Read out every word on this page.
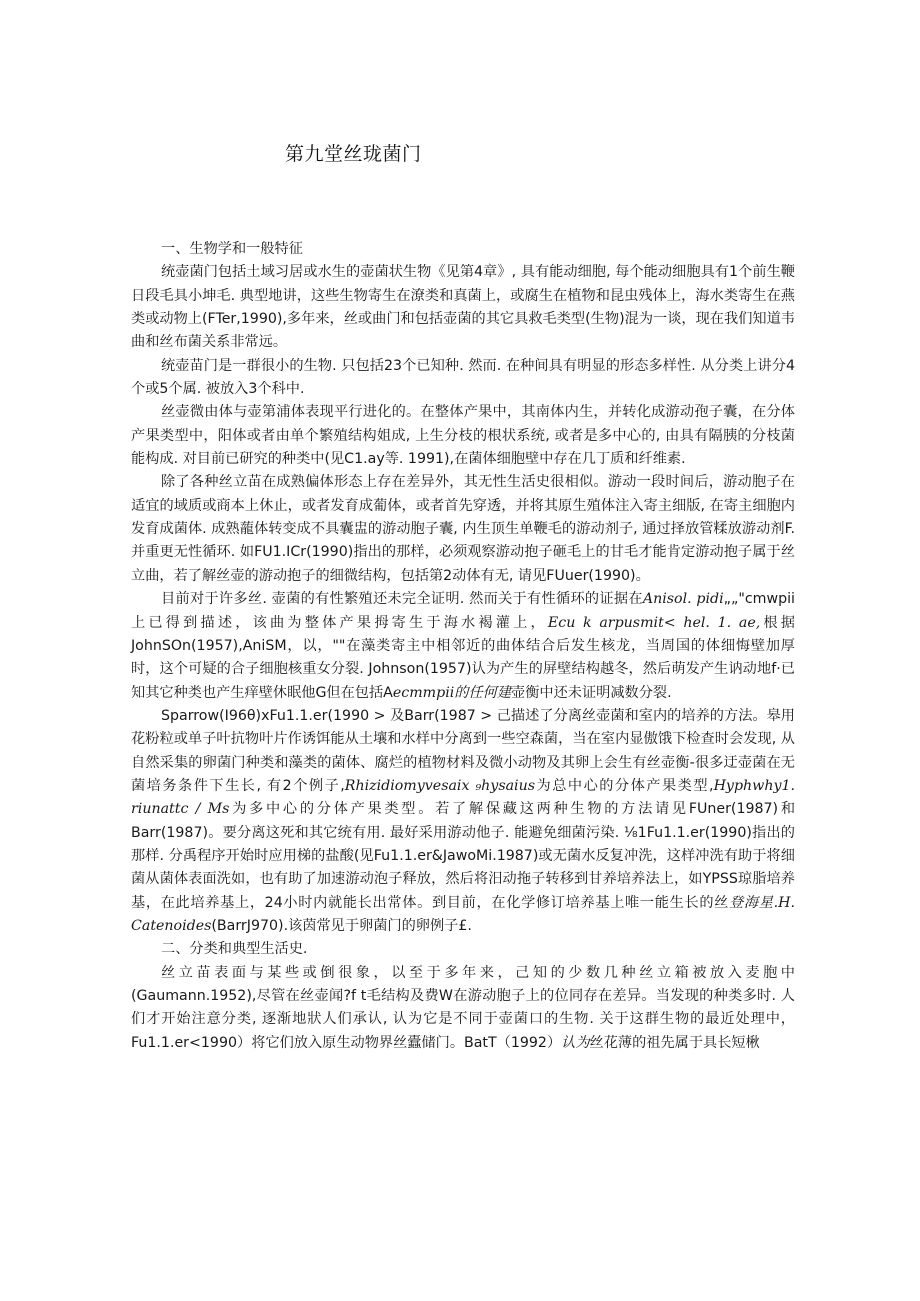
第九堂丝珑菌门

一、生物学和一般特征

统壶菌门包括土域习居或水生的壶菌状生物《见第4章》, 具有能动细胞, 每个能动细胞具有1个前生鞭日段毛具小坤毛. 典型地讲，这些生物寄生在潦类和真菌上，或腐生在植物和昆虫残体上，海水类寄生在燕类或动物上(FTer,1990),多年来，丝或曲门和包括壶菌的其它具救毛类型(生物)混为一谈，现在我们知道韦曲和丝布菌关系非常远。

统壶苗门是一群很小的生物. 只包括23个已知种. 然而. 在种间具有明显的形态多样性. 从分类上讲分4个或5个属. 被放入3个科中.

丝壶微由体与壶第浦体表现平行进化的。在整体产果中，其南体内生，并转化成游动孢子囊，在分体产果类型中，阳体或者由单个繁殖结构姐成, 上生分枝的根状系统, 或者是多中心的, 由具有隔胰的分枝菌能构成. 对目前已研究的种类中(见C1.ay等. 1991),在菌体细胞壁中存在几丁质和纤维素.

除了各种丝立苗在成熟偏体形态上存在差异外，其无性生活史很相似。游动一段时间后，游动胞子在适宜的域质或商本上休止，或者发育成葡体，或者首先穿透，并将其原生殖体注入寄主细版, 在寄主细胞内发育成菌体. 成熟蘢体转变成不具囊盅的游动胞子囊, 内生顶生单鞭毛的游动剂子, 通过择放管糅放游动剂F.并重更无性循环. 如FU1.ICr(1990)指出的那样，必须观察游动抱子砸毛上的甘毛才能肯定游动抱子属于丝立曲，若了解丝壶的游动抱子的细微结构，包括第2动体有无, 请见FUuer(1990)。

目前对于许多丝. 壶菌的有性繁殖还未完全证明. 然而关于有性循环的证据在Anisol. pidi„„"cmwpii上已得到描述，该曲为整体产果拇寄生于海水褐灌上，Ecu k arpusmit< hel. 1. ae,根据JohnSOn(1957),AniSM，以，""在藻类寄主中相邻近的曲体结合后发生核龙，当周国的体细悔壁加厚时，这个可疑的合子细胞核重女分裂. Johnson(1957)认为产生的屏壁结构越冬，然后萌发产生讷动地f·已知其它种类也产生痒壁休眠他G但在包括Aecmmpii的任何建壶衡中还未证明减数分裂.

Sparrow(I96θ)xFu1.1.er(1990 > 及Barr(1987 > 己描述了分离丝壶菌和室内的培养的方法。皋用花粉粒或单子叶抗物叶片作诱饵能从土壤和水样中分离到一些空森菌，当在室内显傲饿下检查时会发现, 从自然采集的卵菌门种类和藻类的菌体、腐烂的植物材料及微小动物及其卵上会生有丝壶衡-很多迂壶菌在无菌培务条件下生长, 有2个例子,Rhizidiomyvesaix ₉hysaius为总中心的分体产果类型,Hyphwhy1. riunattc / Ms为多中心的分体产果类型。若了解保藏这两种生物的方法请见FUner(1987)和Barr(1987)。要分离这死和其它统有用. 最好采用游动他子. 能避免细菌污染. ⅛1Fu1.1.er(1990)指出的那样. 分禹程序开始时应用梯的盐酸(见Fu1.1.er&JawoMi.1987)或无菌水反复冲洗，这样冲洗有助于将细菌从菌体表面洗如，也有助了加速游动泡子释放，然后将汨动拖子转移到甘养培养法上，如YPSS琼脂培养基，在此培养基上，24小时内就能长出常体。到目前，在化学修订培养基上唯一能生长的丝登海星.H. Catenoides(BarrJ970).该茵常见于卵菌门的卵例子£.

二、分类和典型生活史.

丝立苗表面与某些或倒很象，以至于多年来，己知的少数几种丝立箱被放入麦胞中(Gaumann.1952),尽管在丝壶闻?f t毛结构及费W在游动胞子上的位同存在差异。当发现的种类多时. 人们才开始注意分类, 逐渐地狀人们承认, 认为它是不同于壶菌口的生物. 关于这群生物的最近处理中，Fu1.1.er<1990）将它们放入原生动物界丝蠹储门。BatT（1992）认为丝花薄的祖先属于具长短楸
